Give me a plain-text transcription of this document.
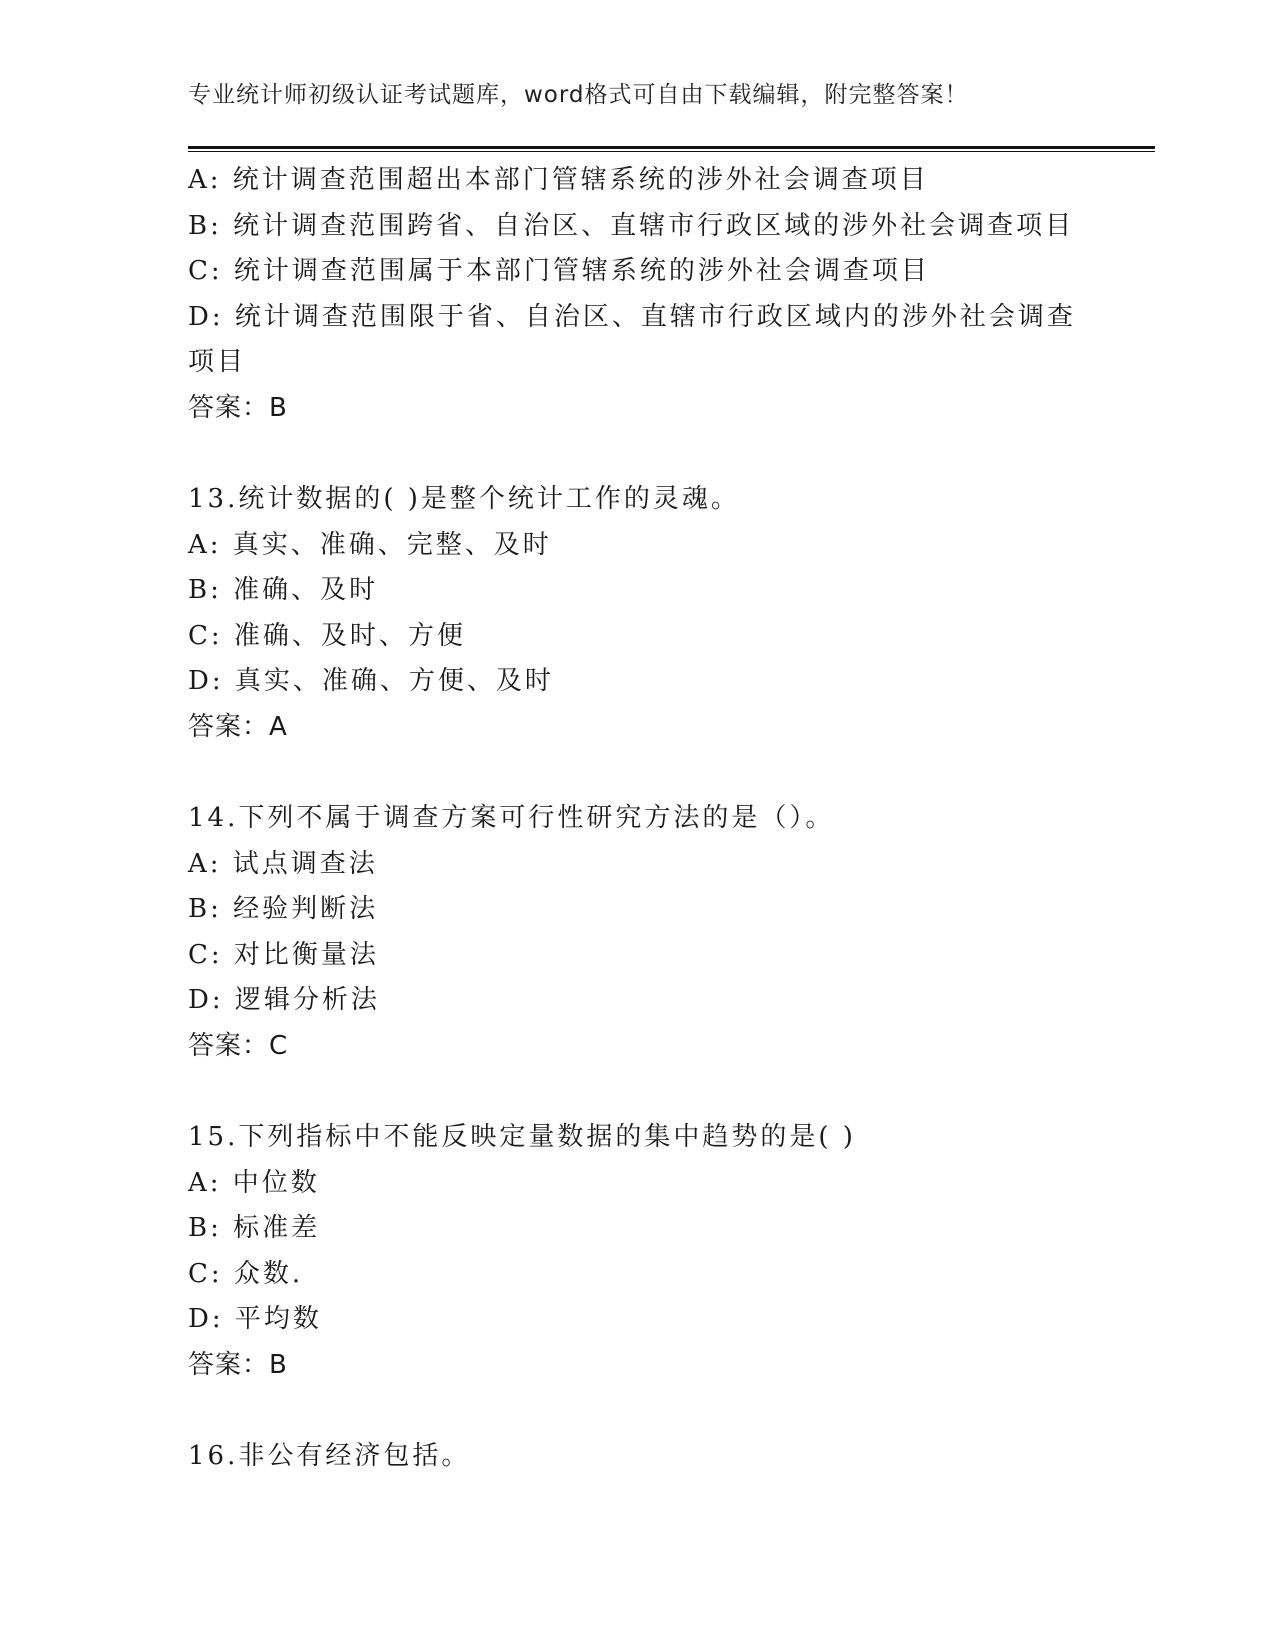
专业统计师初级认证考试题库，word格式可自由下载编辑，附完整答案！
A: 统计调查范围超出本部门管辖系统的涉外社会调查项目
B: 统计调查范围跨省、自治区、直辖市行政区域的涉外社会调查项目
C: 统计调查范围属于本部门管辖系统的涉外社会调查项目
D: 统计调查范围限于省、自治区、直辖市行政区域内的涉外社会调查
项目
答案：B
13.统计数据的( )是整个统计工作的灵魂。
A: 真实、准确、完整、及时
B: 准确、及时
C: 准确、及时、方便
D: 真实、准确、方便、及时
答案：A
14.下列不属于调查方案可行性研究方法的是（）。
A: 试点调查法
B: 经验判断法
C: 对比衡量法
D: 逻辑分析法
答案：C
15.下列指标中不能反映定量数据的集中趋势的是( )
A: 中位数
B: 标准差
C: 众数.
D: 平均数
答案：B
16.非公有经济包括。
